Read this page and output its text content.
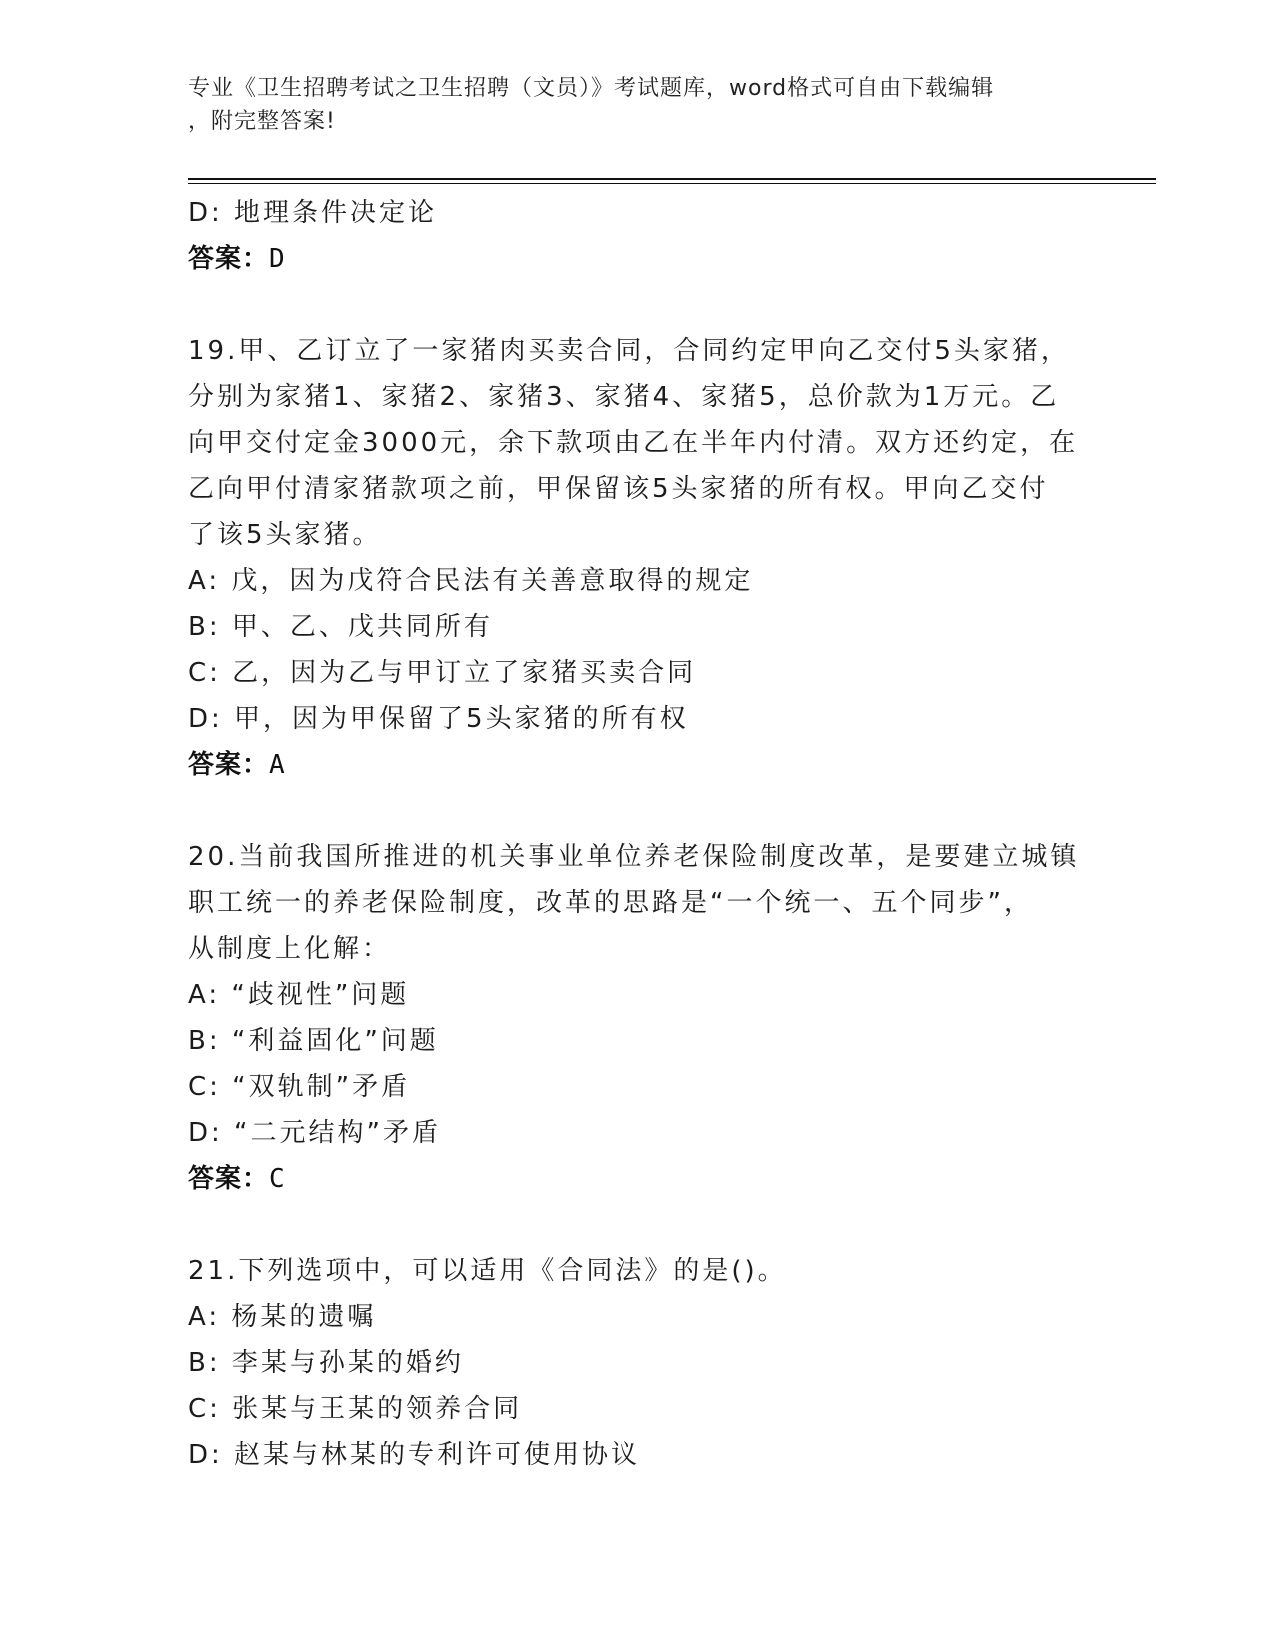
专业《卫生招聘考试之卫生招聘（文员）》考试题库，word格式可自由下载编辑
，附完整答案!
D: 地理条件决定论
答案：D
19.甲、乙订立了一家猪肉买卖合同，合同约定甲向乙交付5头家猪，
分别为家猪1、家猪2、家猪3、家猪4、家猪5，总价款为1万元。乙
向甲交付定金3000元，余下款项由乙在半年内付清。双方还约定，在
乙向甲付清家猪款项之前，甲保留该5头家猪的所有权。甲向乙交付
了该5头家猪。
A: 戊，因为戊符合民法有关善意取得的规定
B: 甲、乙、戊共同所有
C: 乙，因为乙与甲订立了家猪买卖合同
D: 甲，因为甲保留了5头家猪的所有权
答案：A
20.当前我国所推进的机关事业单位养老保险制度改革，是要建立城镇
职工统一的养老保险制度，改革的思路是“一个统一、五个同步”，
从制度上化解：
A: “歧视性”问题
B: “利益固化”问题
C: “双轨制”矛盾
D: “二元结构”矛盾
答案：C
21.下列选项中，可以适用《合同法》的是()。
A: 杨某的遗嘱
B: 李某与孙某的婚约
C: 张某与王某的领养合同
D: 赵某与林某的专利许可使用协议
